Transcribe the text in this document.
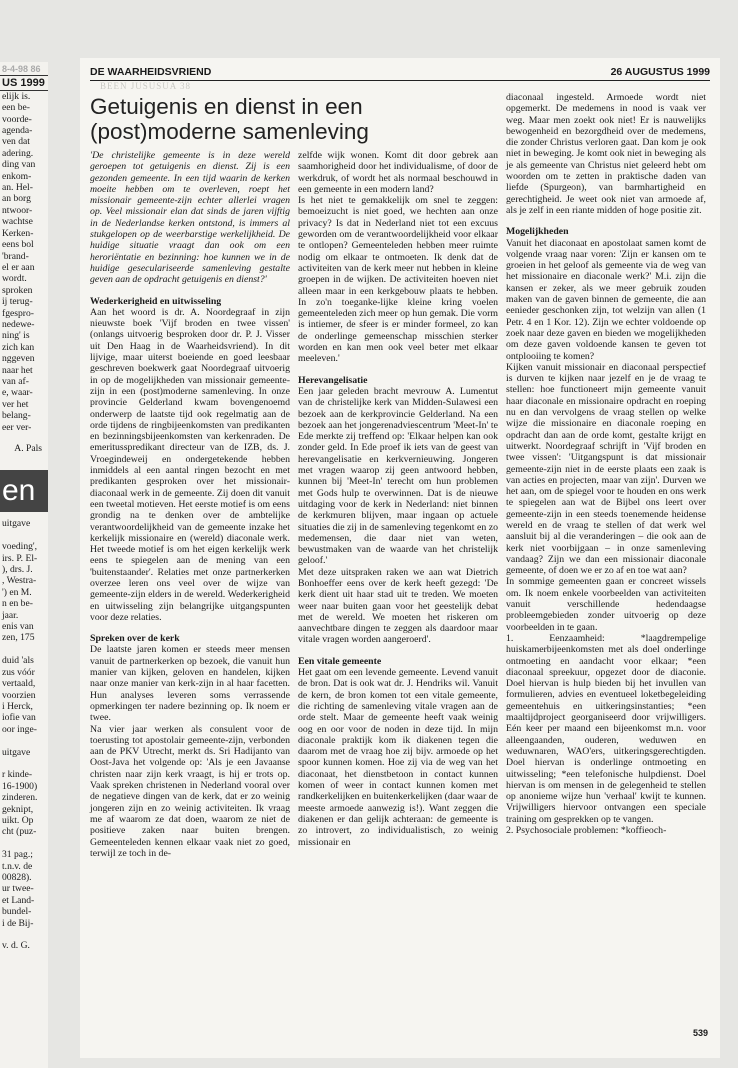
8-4-98 86
US 1999

elijk is.

een be-

voorde-

agenda-

ven dat

adering.

ding van

enkom-

an. Hel-

an borg

ntwoor-

wachtse

Kerken-

eens bol

'brand-

el er aan

wordt.

sproken

ij terug-

fgespro-

nedewe-

ning' is

zich kan

nggeven

naar het

van af-

e, waar-

ver het

belang-

eer ver-

A. Pals

en

uitgave

voeding',

irs. P. El-

), drs. J.

, Westra-

') en M.

n en be-

jaar.

enis van

zen, 175

duid 'als

zus vóór

vertaald,

voorzien

i Herck,

iofie van

oor inge-

uitgave

r kinde-

16-1900)

zinderen.

geknipt,

uikt. Op

cht (puz-

31 pag.;

t.n.v. de

00828).

ur twee-

et Land-

bundel-

i de Bij-

v. d. G.

DE WAARHEIDSVRIEND	26 AUGUSTUS 1999
BEEN JUSUSUA 38
Getuigenis en dienst in een (post)moderne samenleving

'De christelijke gemeente is in deze wereld geroepen tot getuigenis en dienst. Zij is een gezonden gemeente. In een tijd waarin de kerken moeite hebben om te overleven, roept het missionair gemeente-zijn echter allerlei vragen op. Veel missionair elan dat sinds de jaren vijftig in de Nederlandse kerken ontstond, is immers al stukgelopen op de weerbarstige werkelijkheid. De huidige situatie vraagt dan ook om een heroriëntatie en bezinning: hoe kunnen we in de huidige geseculariseerde samenleving gestalte geven aan de opdracht getuigenis en dienst?'

Wederkerigheid en uitwisseling

Aan het woord is dr. A. Noordegraaf in zijn nieuwste boek 'Vijf broden en twee vissen' (onlangs uitvoerig besproken door dr. P. J. Visser uit Den Haag in de Waarheidsvriend). In dit lijvige, maar uiterst boeiende en goed leesbaar geschreven boekwerk gaat Noordegraaf uitvoerig in op de mogelijkheden van missionair gemeente-zijn in een (post)moderne samenleving. In onze provincie Gelderland kwam bovengenoemd onderwerp de laatste tijd ook regelmatig aan de orde tijdens de ringbijeenkomsten van predikanten en bezinningsbijeenkomsten van kerkenraden. De emeritusspredikant directeur van de IZB, ds. J. Vroegindeweij en ondergetekende hebben inmiddels al een aantal ringen bezocht en met predikanten gesproken over het missionair-diaconaal werk in de gemeente. Zij doen dit vanuit een tweetal motieven. Het eerste motief is om eens grondig na te denken over de ambtelijke verantwoordelijkheid van de gemeente inzake het kerkelijk missionaire en (wereld) diaconale werk. Het tweede motief is om het eigen kerkelijk werk eens te spiegelen aan de mening van een 'buitenstaander'. Relaties met onze partnerkerken overzee leren ons veel over de wijze van gemeente-zijn elders in de wereld. Wederkerigheid en uitwisseling zijn belangrijke uitgangspunten voor deze relaties.

Spreken over de kerk

De laatste jaren komen er steeds meer mensen vanuit de partnerkerken op bezoek, die vanuit hun manier van kijken, geloven en handelen, kijken naar onze manier van kerk-zijn in al haar facetten. Hun analyses leveren soms verrassende opmerkingen ter nadere bezinning op. Ik noem er twee.

Na vier jaar werken als consulent voor de toerusting tot apostolair gemeente-zijn, verbonden aan de PKV Utrecht, merkt ds. Sri Hadijanto van Oost-Java het volgende op: 'Als je een Javaanse christen naar zijn kerk vraagt, is hij er trots op. Vaak spreken christenen in Nederland vooral over de negatieve dingen van de kerk, dat er zo weinig jongeren zijn en zo weinig activiteiten. Ik vraag me af waarom ze dat doen, waarom ze niet de positieve zaken naar buiten brengen. Gemeenteleden kennen elkaar vaak niet zo goed, terwijl ze toch in de-

zelfde wijk wonen. Komt dit door gebrek aan saamhorigheid door het individualisme, of door de werkdruk, of wordt het als normaal beschouwd in een gemeente in een modern land?

Is het niet te gemakkelijk om snel te zeggen: bemoeizucht is niet goed, we hechten aan onze privacy? Is dat in Nederland niet tot een excuus geworden om de verantwoordelijkheid voor elkaar te ontlopen? Gemeenteleden hebben meer ruimte nodig om elkaar te ontmoeten. Ik denk dat de activiteiten van de kerk meer nut hebben in kleine groepen in de wijken. De activiteiten hoeven niet alleen maar in een kerkgebouw plaats te hebben. In zo'n toeganke-lijke kleine kring voelen gemeenteleden zich meer op hun gemak. Die vorm is intiemer, de sfeer is er minder formeel, zo kan de onderlinge gemeenschap misschien sterker worden en kan men ook veel beter met elkaar meeleven.'

Herevangelisatie

Een jaar geleden bracht mevrouw A. Lumentut van de christelijke kerk van Midden-Sulawesi een bezoek aan de kerkprovincie Gelderland. Na een bezoek aan het jongerenadviescentrum 'Meet-In' te Ede merkte zij treffend op: 'Elkaar helpen kan ook zonder geld. In Ede proef ik iets van de geest van herevangelisatie en kerkvernieuwing. Jongeren met vragen waarop zij geen antwoord hebben, kunnen bij 'Meet-In' terecht om hun problemen met Gods hulp te overwinnen. Dat is de nieuwe uitdaging voor de kerk in Nederland: niet binnen de kerkmuren blijven, maar ingaan op actuele situaties die zij in de samenleving tegenkomt en zo medemensen, die daar niet van weten, bewustmaken van de waarde van het christelijk geloof.'

Met deze uitspraken raken we aan wat Dietrich Bonhoeffer eens over de kerk heeft gezegd: 'De kerk dient uit haar stad uit te treden. We moeten weer naar buiten gaan voor het geestelijk debat met de wereld. We moeten het riskeren om aanvechtbare dingen te zeggen als daardoor maar vitale vragen worden aangeroerd'.

Een vitale gemeente

Het gaat om een levende gemeente. Levend vanuit de bron. Dat is ook wat dr. J. Hendriks wil. Vanuit de kern, de bron komen tot een vitale gemeente, die richting de samenleving vitale vragen aan de orde stelt. Maar de gemeente heeft vaak weinig oog en oor voor de noden in deze tijd. In mijn diaconale praktijk kom ik diakenen tegen die daarom met de vraag hoe zij bijv. armoede op het spoor kunnen komen. Hoe zij via de weg van het diaconaat, het dienstbetoon in contact kunnen komen of weer in contact kunnen komen met randkerkelijken en buitenkerkelijken (daar waar de meeste armoede aanwezig is!). Want zeggen die diakenen er dan gelijk achteraan: de gemeente is zo introvert, zo individualistisch, zo weinig missionair en

diaconaal ingesteld. Armoede wordt niet opgemerkt. De medemens in nood is vaak ver weg. Maar men zoekt ook niet! Er is nauwelijks bewogenheid en bezorgdheid over de medemens, die zonder Christus verloren gaat. Dan kom je ook niet in beweging. Je komt ook niet in beweging als je als gemeente van Christus niet geleerd hebt om woorden om te zetten in praktische daden van liefde (Spurgeon), van barmhartigheid en gerechtigheid. Je weet ook niet van armoede af, als je zelf in een riante midden of hoge positie zit.

Mogelijkheden

Vanuit het diaconaat en apostolaat samen komt de volgende vraag naar voren: 'Zijn er kansen om te groeien in het geloof als gemeente via de weg van het missionaire en diaconale werk?' M.i. zijn die kansen er zeker, als we meer gebruik zouden maken van de gaven binnen de gemeente, die aan eenieder geschonken zijn, tot welzijn van allen (1 Petr. 4 en 1 Kor. 12). Zijn we echter voldoende op zoek naar deze gaven en bieden we mogelijkheden om deze gaven voldoende kansen te geven tot ontplooiing te komen?

Kijken vanuit missionair en diaconaal perspectief is durven te kijken naar jezelf en je de vraag te stellen: hoe functioneert mijn gemeente vanuit haar diaconale en missionaire opdracht en roeping nu en dan vervolgens de vraag stellen op welke wijze die missionaire en diaconale roeping en opdracht dan aan de orde komt, gestalte krijgt en uitwerkt. Noordegraaf schrijft in 'Vijf broden en twee vissen': 'Uitgangspunt is dat missionair gemeente-zijn niet in de eerste plaats een zaak is van acties en projecten, maar van zijn'. Durven we het aan, om de spiegel voor te houden en ons werk te spiegelen aan wat de Bijbel ons leert over gemeente-zijn in een steeds toenemende heidense wereld en de vraag te stellen of dat werk wel aansluit bij al die veranderingen – die ook aan de kerk niet voorbijgaan – in onze samenleving vandaag? Zijn we dan een missionair diaconale gemeente, of doen we er zo af en toe wat aan?

In sommige gemeenten gaan er concreet wissels om. Ik noem enkele voorbeelden van activiteiten vanuit verschillende hedendaagse probleemgebieden zonder uitvoerig op deze voorbeelden in te gaan.

1. Eenzaamheid: *laagdrempelige huiskamerbijeenkomsten met als doel onderlinge ontmoeting en aandacht voor elkaar; *een diaconaal spreekuur, opgezet door de diaconie. Doel hiervan is hulp bieden bij het invullen van formulieren, advies en eventueel loketbegeleiding gemeentehuis en uitkeringsinstanties; *een maaltijdproject georganiseerd door vrijwilligers. Eén keer per maand een bijeenkomst m.n. voor alleengaanden, ouderen, weduwen en weduwnaren, WAO'ers, uitkeringsgerechtigden. Doel hiervan is onderlinge ontmoeting en uitwisseling; *een telefonische hulpdienst. Doel hiervan is om mensen in de gelegenheid te stellen op anonieme wijze hun 'verhaal' kwijt te kunnen. Vrijwilligers hiervoor ontvangen een speciale training om gesprekken op te vangen.

2. Psychosociale problemen: *koffieoch-

539
